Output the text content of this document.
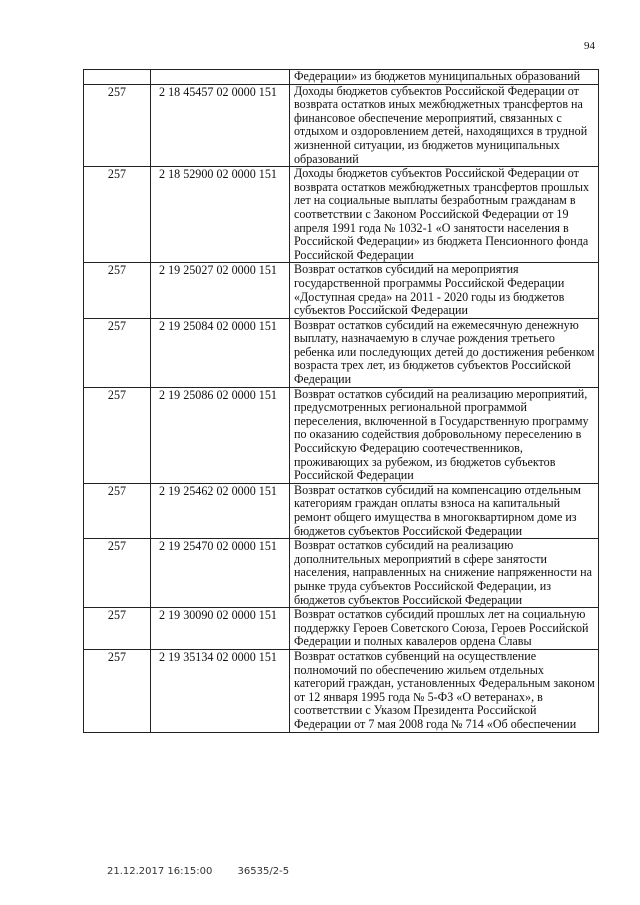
94
		Федерации» из бюджетов муниципальных образований
257	2 18 45457 02 0000 151	Доходы бюджетов субъектов Российской Федерации от возврата остатков иных межбюджетных трансфертов на финансовое обеспечение мероприятий, связанных с отдыхом и оздоровлением детей, находящихся в трудной жизненной ситуации, из бюджетов муниципальных образований
257	2 18 52900 02 0000 151	Доходы бюджетов субъектов Российской Федерации от возврата остатков межбюджетных трансфертов прошлых лет на социальные выплаты безработным гражданам в соответствии с Законом Российской Федерации от 19 апреля 1991 года № 1032-1 «О занятости населения в Российской Федерации» из бюджета Пенсионного фонда Российской Федерации
257	2 19 25027 02 0000 151	Возврат остатков субсидий на мероприятия государственной программы Российской Федерации «Доступная среда» на 2011 - 2020 годы из бюджетов субъектов Российской Федерации
257	2 19 25084 02 0000 151	Возврат остатков субсидий на ежемесячную денежную выплату, назначаемую в случае рождения третьего ребенка или последующих детей до достижения ребенком возраста трех лет, из бюджетов субъектов Российской Федерации
257	2 19 25086 02 0000 151	Возврат остатков субсидий на реализацию мероприятий, предусмотренных региональной программой переселения, включенной в Государственную программу по оказанию содействия добровольному переселению в Российскую Федерацию соотечественников, проживающих за рубежом, из бюджетов субъектов Российской Федерации
257	2 19 25462 02 0000 151	Возврат остатков субсидий на компенсацию отдельным категориям граждан оплаты взноса на капитальный ремонт общего имущества в многоквартирном доме из бюджетов субъектов Российской Федерации
257	2 19 25470 02 0000 151	Возврат остатков субсидий на реализацию дополнительных мероприятий в сфере занятости населения, направленных на снижение напряженности на рынке труда субъектов Российской Федерации, из бюджетов субъектов Российской Федерации
257	2 19 30090 02 0000 151	Возврат остатков субсидий прошлых лет на социальную поддержку Героев Советского Союза, Героев Российской Федерации и полных кавалеров ордена Славы
257	2 19 35134 02 0000 151	Возврат остатков субвенций на осуществление полномочий по обеспечению жильем отдельных категорий граждан, установленных Федеральным законом от 12 января 1995 года № 5-ФЗ «О ветеранах», в соответствии с Указом Президента Российской Федерации от 7 мая 2008 года № 714 «Об обеспечении
21.12.2017 16:15:00	36535/2-5
